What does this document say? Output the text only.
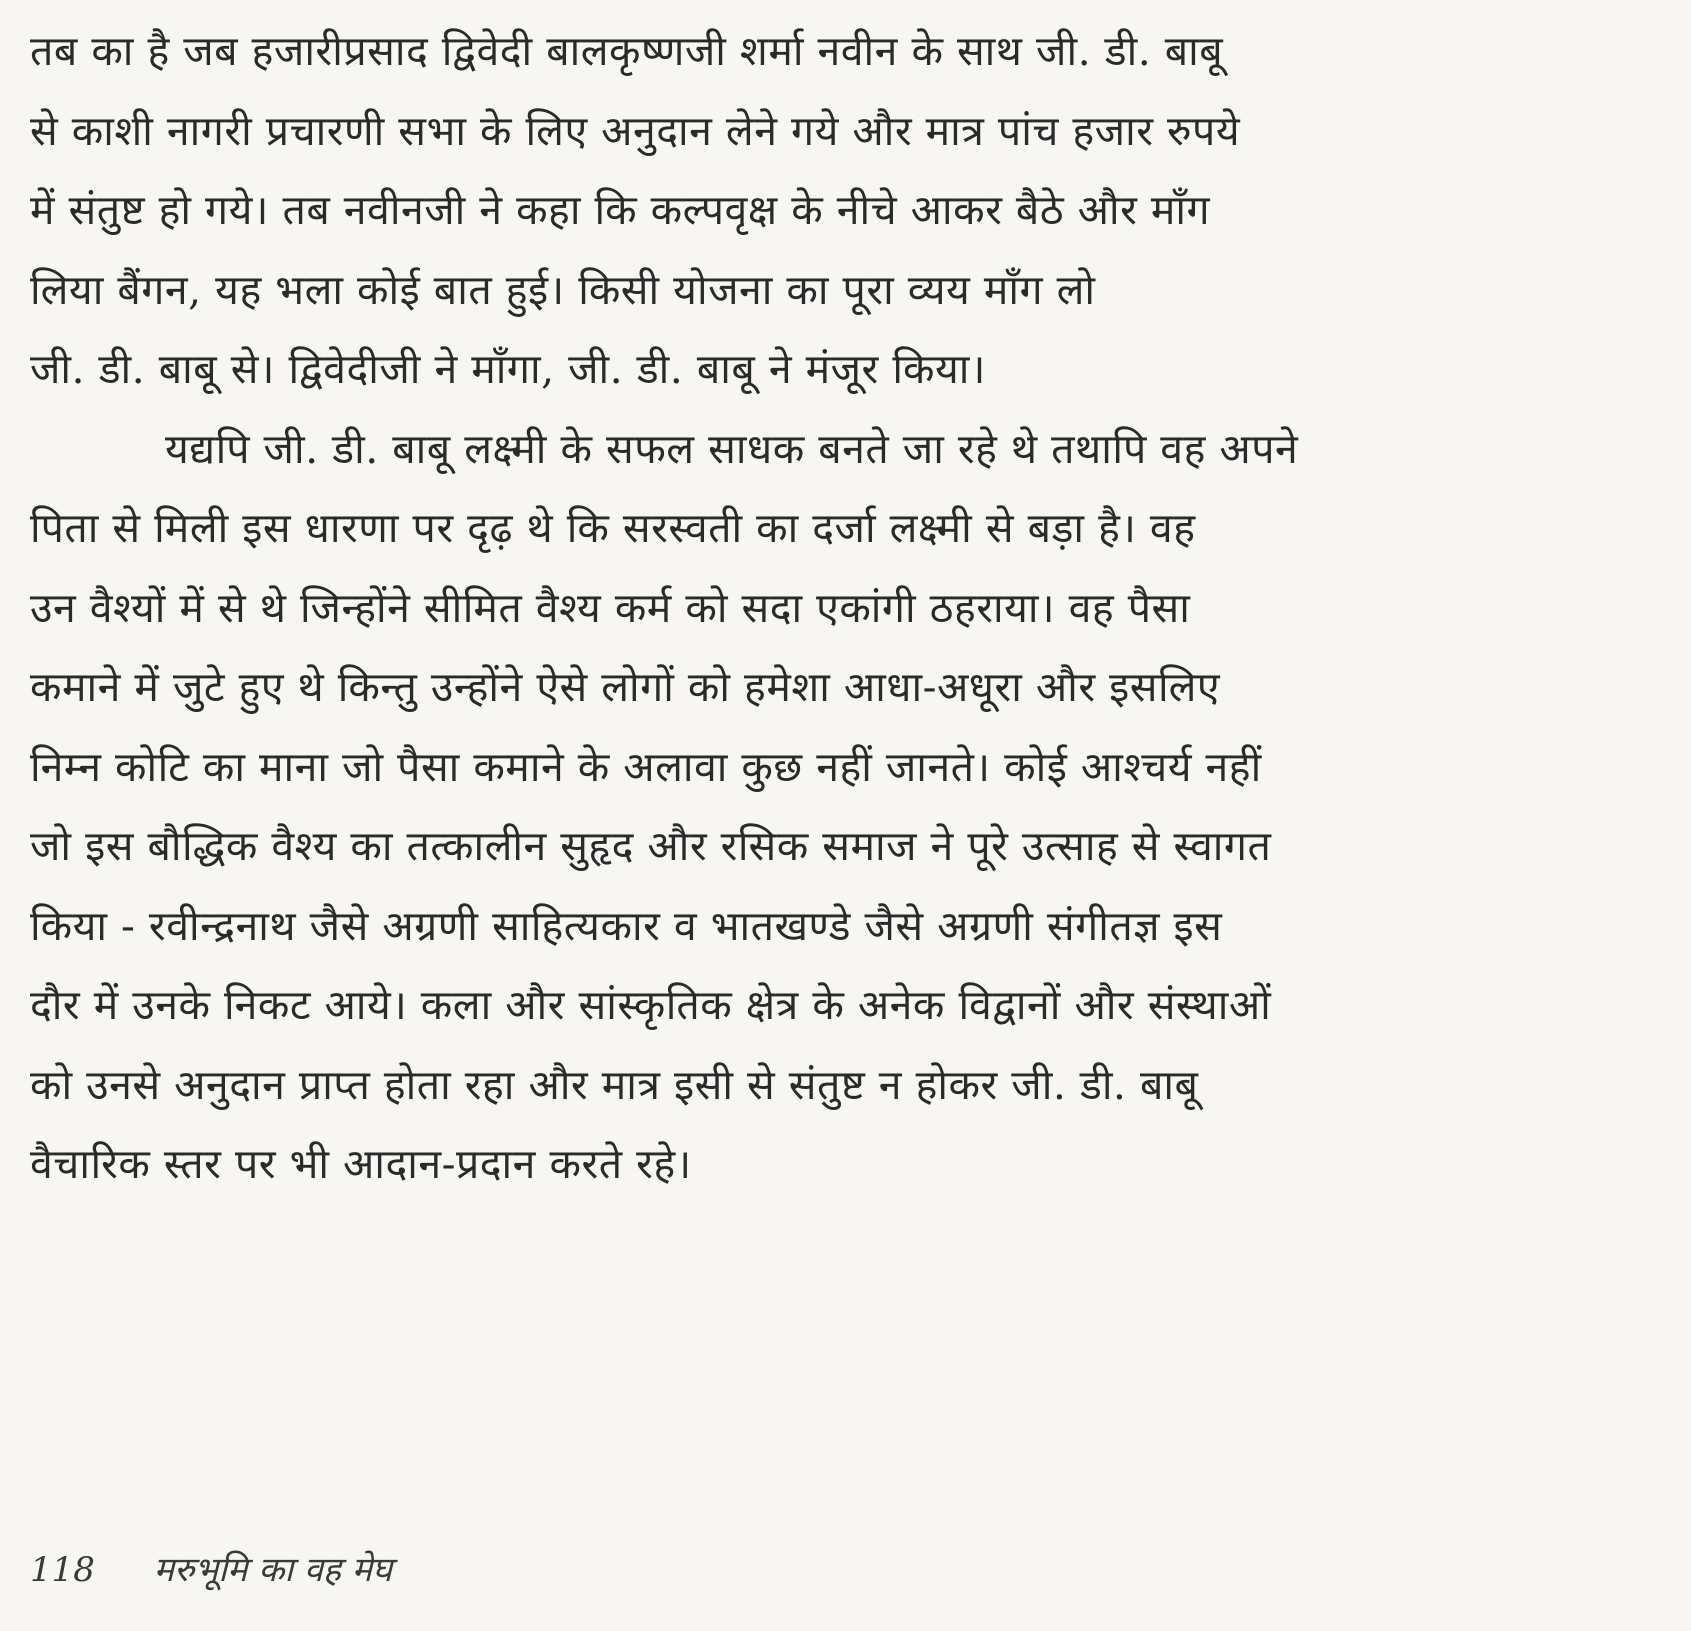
तब का है जब हजारीप्रसाद द्विवेदी बालकृष्णजी शर्मा नवीन के साथ जी. डी. बाबू
से काशी नागरी प्रचारणी सभा के लिए अनुदान लेने गये और मात्र पांच हजार रुपये
में संतुष्ट हो गये। तब नवीनजी ने कहा कि कल्पवृक्ष के नीचे आकर बैठे और माँग
लिया बैंगन, यह भला कोई बात हुई। किसी योजना का पूरा व्यय माँग लो
जी. डी. बाबू से। द्विवेदीजी ने माँगा, जी. डी. बाबू ने मंजूर किया।
यद्यपि जी. डी. बाबू लक्ष्मी के सफल साधक बनते जा रहे थे तथापि वह अपने
पिता से मिली इस धारणा पर दृढ़ थे कि सरस्वती का दर्जा लक्ष्मी से बड़ा है। वह
उन वैश्यों में से थे जिन्होंने सीमित वैश्य कर्म को सदा एकांगी ठहराया। वह पैसा
कमाने में जुटे हुए थे किन्तु उन्होंने ऐसे लोगों को हमेशा आधा-अधूरा और इसलिए
निम्न कोटि का माना जो पैसा कमाने के अलावा कुछ नहीं जानते। कोई आश्चर्य नहीं
जो इस बौद्धिक वैश्य का तत्कालीन सुहृद और रसिक समाज ने पूरे उत्साह से स्वागत
किया - रवीन्द्रनाथ जैसे अग्रणी साहित्यकार व भातखण्डे जैसे अग्रणी संगीतज्ञ इस
दौर में उनके निकट आये। कला और सांस्कृतिक क्षेत्र के अनेक विद्वानों और संस्थाओं
को उनसे अनुदान प्राप्त होता रहा और मात्र इसी से संतुष्ट न होकर जी. डी. बाबू
वैचारिक स्तर पर भी आदान-प्रदान करते रहे।
118 मरुभूमि का वह मेघ
